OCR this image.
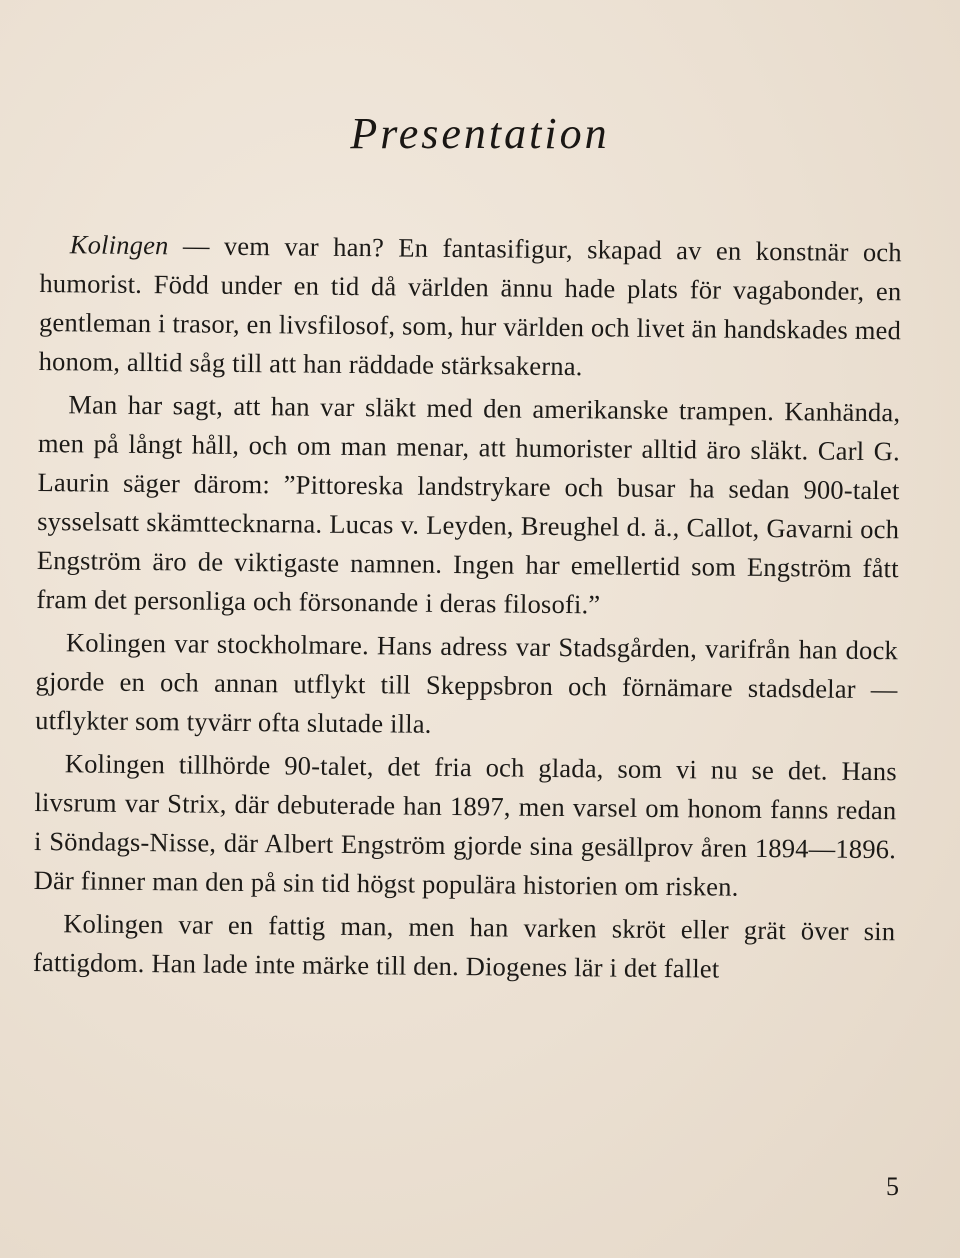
Presentation

Kolingen — vem var han? En fantasifigur, skapad av en konstnär och humorist. Född under en tid då världen ännu hade plats för vagabonder, en gentleman i trasor, en livsfilosof, som, hur världen och livet än handskades med honom, alltid såg till att han räddade stärksakerna.

Man har sagt, att han var släkt med den amerikanske trampen. Kanhända, men på långt håll, och om man menar, att humorister alltid äro släkt. Carl G. Laurin säger därom: ”Pittoreska landstrykare och busar ha sedan 900-talet sysselsatt skämttecknarna. Lucas v. Leyden, Breughel d. ä., Callot, Gavarni och Engström äro de viktigaste namnen. Ingen har emellertid som Engström fått fram det personliga och försonande i deras filosofi.”

Kolingen var stockholmare. Hans adress var Stadsgården, varifrån han dock gjorde en och annan utflykt till Skeppsbron och förnämare stadsdelar — utflykter som tyvärr ofta slutade illa.

Kolingen tillhörde 90-talet, det fria och glada, som vi nu se det. Hans livsrum var Strix, där debuterade han 1897, men varsel om honom fanns redan i Söndags-Nisse, där Albert Engström gjorde sina gesällprov åren 1894—1896. Där finner man den på sin tid högst populära historien om risken.

Kolingen var en fattig man, men han varken skröt eller grät över sin fattigdom. Han lade inte märke till den. Diogenes lär i det fallet

5
